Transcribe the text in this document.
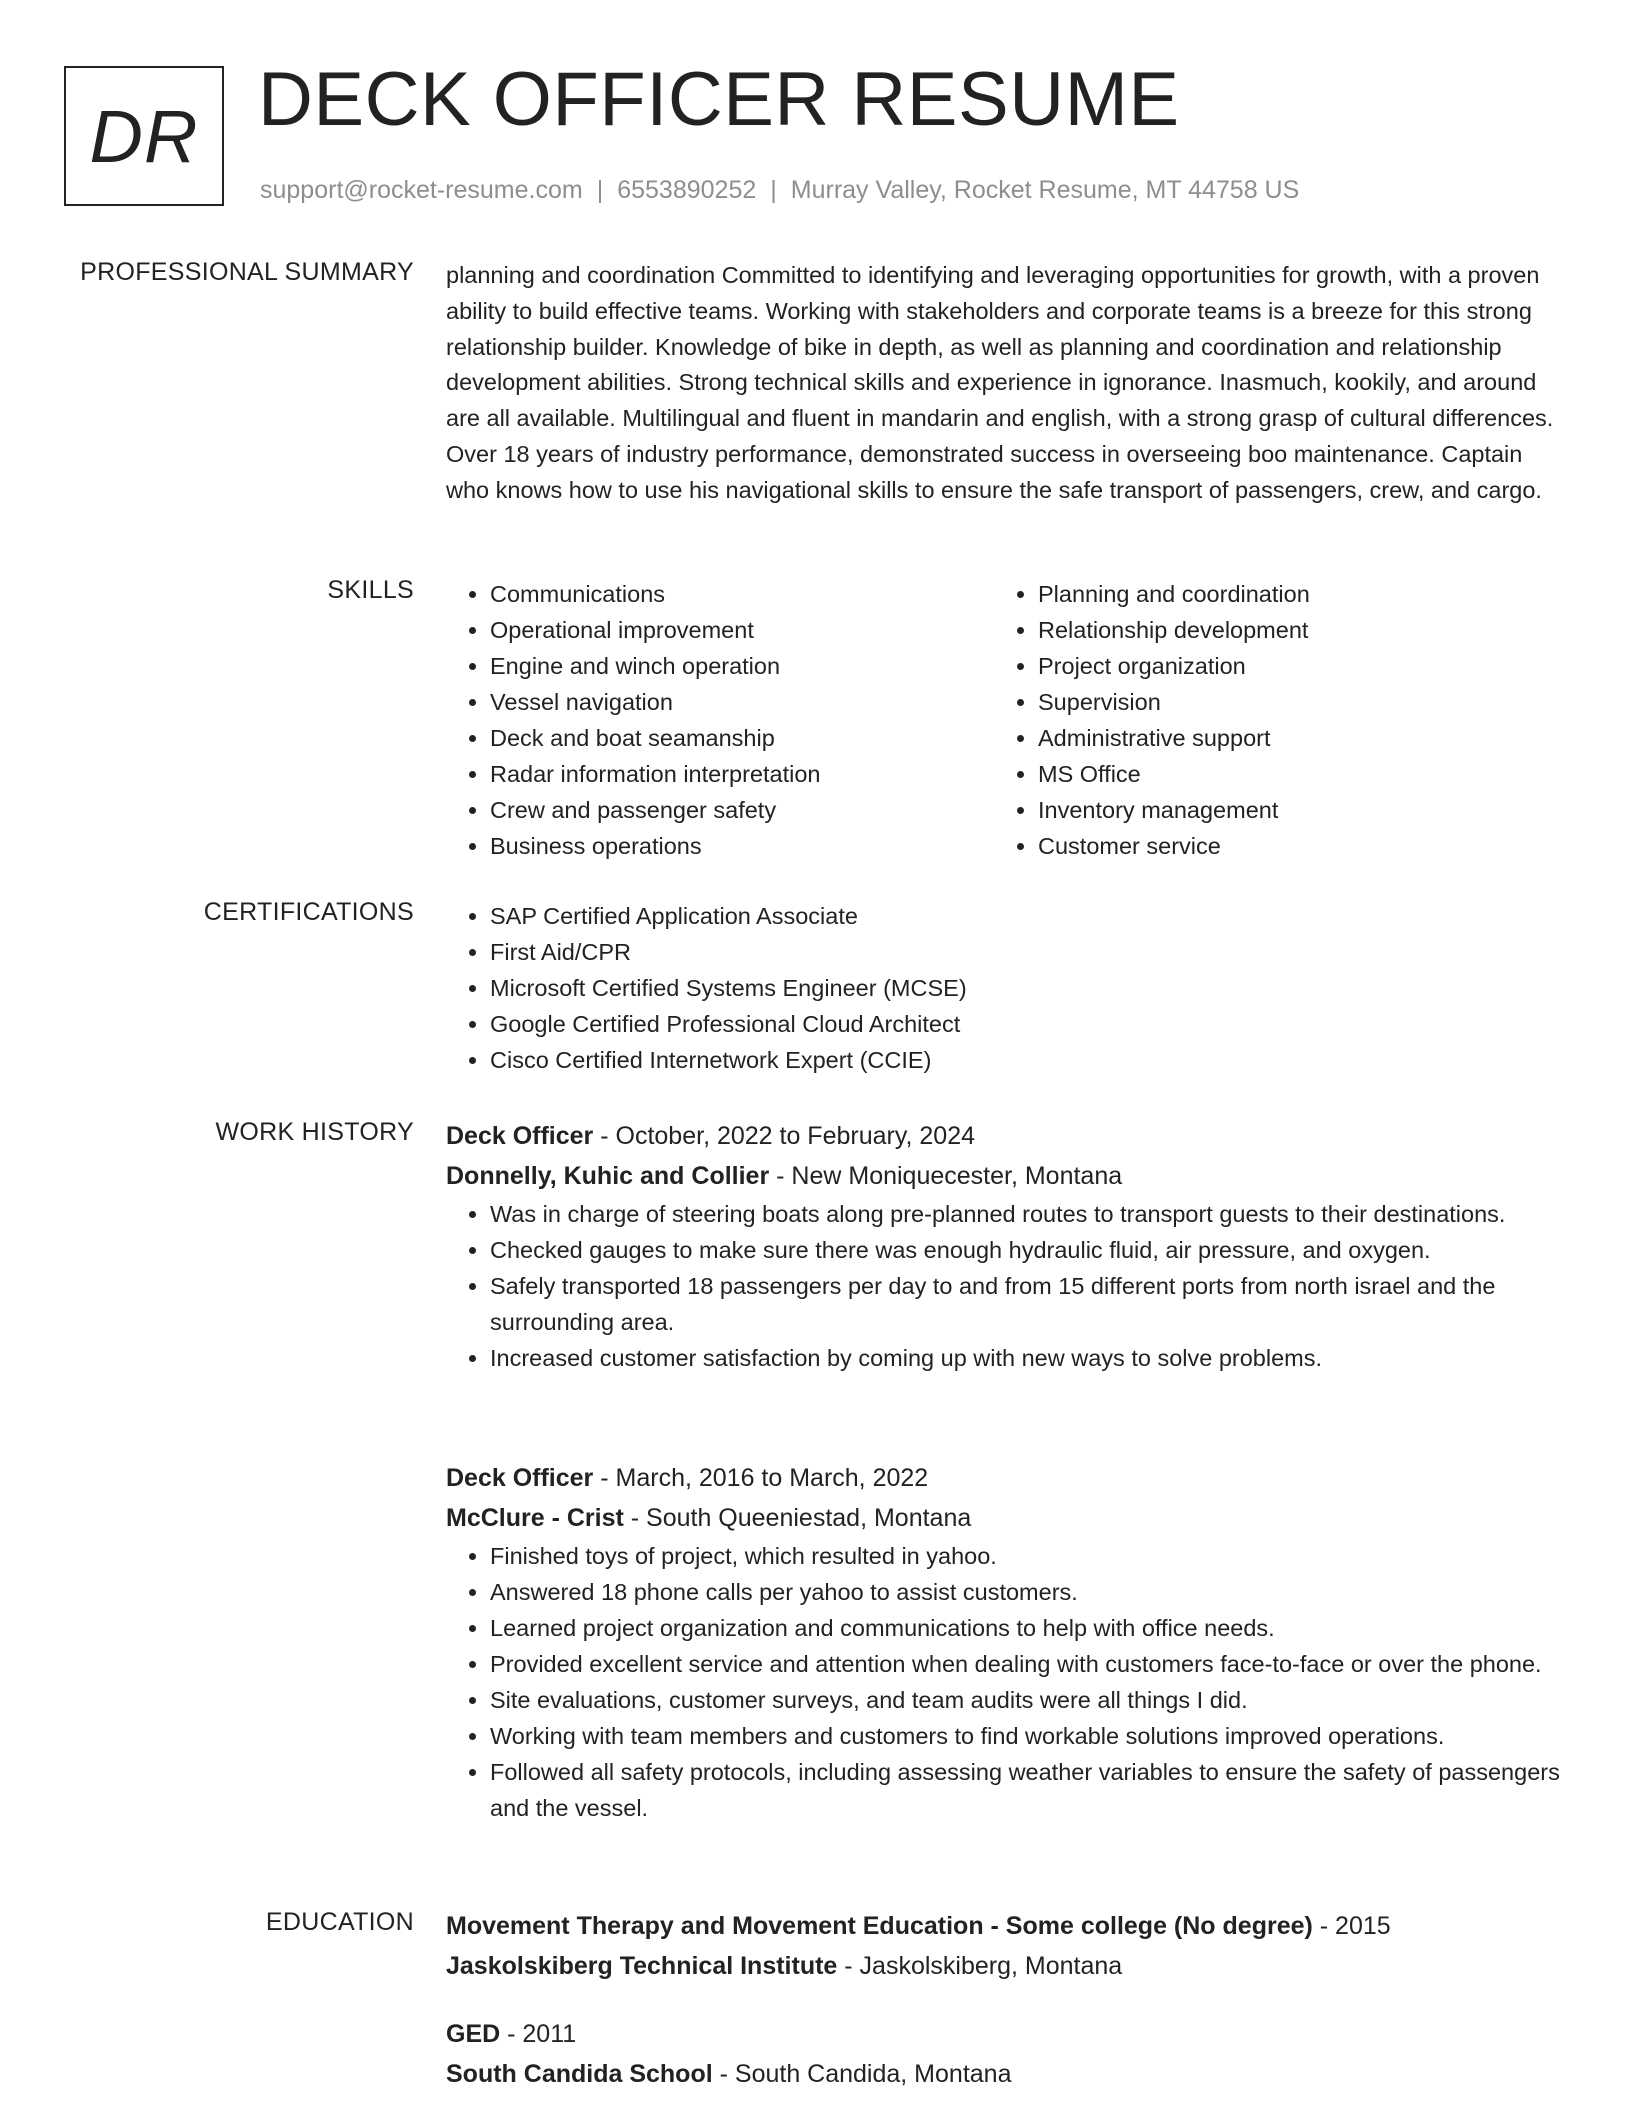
DR DECK OFFICER RESUME
support@rocket-resume.com | 6553890252 | Murray Valley, Rocket Resume, MT 44758 US
PROFESSIONAL SUMMARY planning and coordination Committed to identifying and leveraging opportunities for growth, with a proven ability to build effective teams. Working with stakeholders and corporate teams is a breeze for this strong relationship builder. Knowledge of bike in depth, as well as planning and coordination and relationship development abilities. Strong technical skills and experience in ignorance. Inasmuch, kookily, and around are all available. Multilingual and fluent in mandarin and english, with a strong grasp of cultural differences. Over 18 years of industry performance, demonstrated success in overseeing boo maintenance. Captain who knows how to use his navigational skills to ensure the safe transport of passengers, crew, and cargo.

SKILLS	• Communications
• Operational improvement
• Engine and winch operation
• Vessel navigation
• Deck and boat seamanship
• Radar information interpretation
• Crew and passenger safety
• Business operations
• Planning and coordination
• Relationship development
• Project organization
• Supervision
• Administrative support
• MS Office
• Inventory management
• Customer service
CERTIFICATIONS	• SAP Certified Application Associate
• First Aid/CPR
• Microsoft Certified Systems Engineer (MCSE)
• Google Certified Professional Cloud Architect
• Cisco Certified Internetwork Expert (CCIE)
WORK HISTORY Deck Officer - October, 2022 to February, 2024
Donnelly, Kuhic and Collier - New Moniquecester, Montana
• Was in charge of steering boats along pre-planned routes to transport guests to their destinations.
• Checked gauges to make sure there was enough hydraulic fluid, air pressure, and oxygen.
• Safely transported 18 passengers per day to and from 15 different ports from north israel and the surrounding area.
• Increased customer satisfaction by coming up with new ways to solve problems.
Deck Officer - March, 2016 to March, 2022
McClure - Crist - South Queeniestad, Montana
• Finished toys of project, which resulted in yahoo.
• Answered 18 phone calls per yahoo to assist customers.
• Learned project organization and communications to help with office needs.
• Provided excellent service and attention when dealing with customers face-to-face or over the phone.
• Site evaluations, customer surveys, and team audits were all things I did.
• Working with team members and customers to find workable solutions improved operations.
• Followed all safety protocols, including assessing weather variables to ensure the safety of passengers and the vessel.
EDUCATION Movement Therapy and Movement Education - Some college (No degree) - 2015
Jaskolskiberg Technical Institute - Jaskolskiberg, Montana
GED - 2011
South Candida School - South Candida, Montana
